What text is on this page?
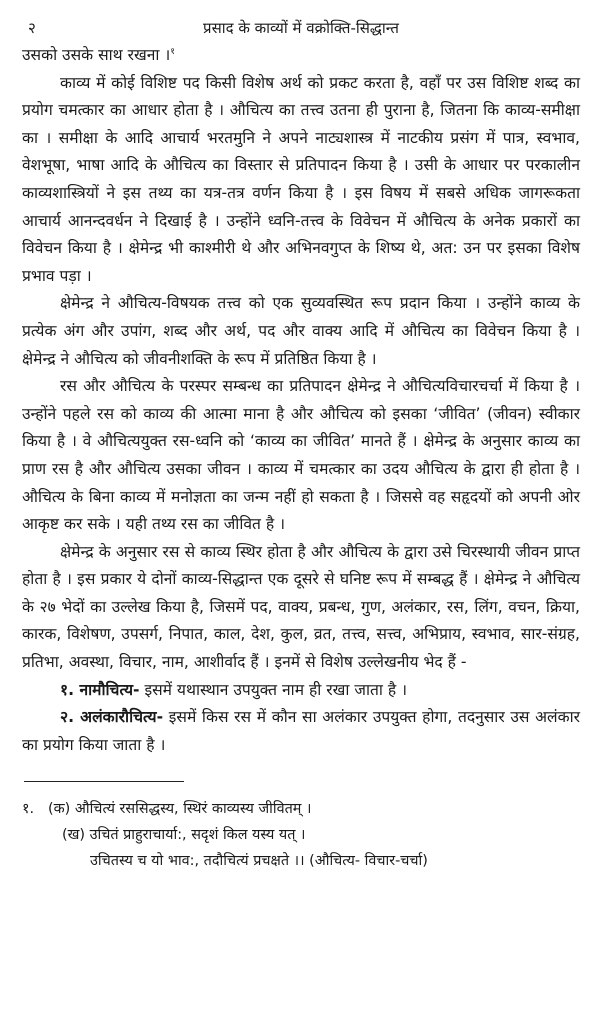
२	प्रसाद के काव्यों में वक्रोक्ति-सिद्धान्त

उसको उसके साथ रखना ।$^१$

काव्य में कोई विशिष्ट पद किसी विशेष अर्थ को प्रकट करता है, वहाँ पर उस विशिष्ट शब्द का प्रयोग चमत्कार का आधार होता है । औचित्य का तत्त्व उतना ही पुराना है, जितना कि काव्य-समीक्षा का । समीक्षा के आदि आचार्य भरतमुनि ने अपने नाट्यशास्त्र में नाटकीय प्रसंग में पात्र, स्वभाव, वेशभूषा, भाषा आदि के औचित्य का विस्तार से प्रतिपादन किया है । उसी के आधार पर परकालीन काव्यशास्त्रियों ने इस तथ्य का यत्र-तत्र वर्णन किया है । इस विषय में सबसे अधिक जागरूकता आचार्य आनन्दवर्धन ने दिखाई है । उन्होंने ध्वनि-तत्त्व के विवेचन में औचित्य के अनेक प्रकारों का विवेचन किया है । क्षेमेन्द्र भी काश्मीरी थे और अभिनवगुप्त के शिष्य थे, अत: उन पर इसका विशेष प्रभाव पड़ा ।

क्षेमेन्द्र ने औचित्य-विषयक तत्त्व को एक सुव्यवस्थित रूप प्रदान किया । उन्होंने काव्य के प्रत्येक अंग और उपांग, शब्द और अर्थ, पद और वाक्य आदि में औचित्य का विवेचन किया है । क्षेमेन्द्र ने औचित्य को जीवनीशक्ति के रूप में प्रतिष्ठित किया है ।

रस और औचित्य के परस्पर सम्बन्ध का प्रतिपादन क्षेमेन्द्र ने औचित्यविचारचर्चा में किया है । उन्होंने पहले रस को काव्य की आत्मा माना है और औचित्य को इसका ‘जीवित’ (जीवन) स्वीकार किया है । वे औचित्ययुक्त रस-ध्वनि को ‘काव्य का जीवित’ मानते हैं । क्षेमेन्द्र के अनुसार काव्य का प्राण रस है और औचित्य उसका जीवन । काव्य में चमत्कार का उदय औचित्य के द्वारा ही होता है । औचित्य के बिना काव्य में मनोज्ञता का जन्म नहीं हो सकता है । जिससे वह सहृदयों को अपनी ओर आकृष्ट कर सके । यही तथ्य रस का जीवित है ।

क्षेमेन्द्र के अनुसार रस से काव्य स्थिर होता है और औचित्य के द्वारा उसे चिरस्थायी जीवन प्राप्त होता है । इस प्रकार ये दोनों काव्य-सिद्धान्त एक दूसरे से घनिष्ट रूप में सम्बद्ध हैं । क्षेमेन्द्र ने औचित्य के २७ भेदों का उल्लेख किया है, जिसमें पद, वाक्य, प्रबन्ध, गुण, अलंकार, रस, लिंग, वचन, क्रिया, कारक, विशेषण, उपसर्ग, निपात, काल, देश, कुल, व्रत, तत्त्व, सत्त्व, अभिप्राय, स्वभाव, सार-संग्रह, प्रतिभा, अवस्था, विचार, नाम, आशीर्वाद हैं । इनमें से विशेष उल्लेखनीय भेद हैं -

१. नामौचित्य- इसमें यथास्थान उपयुक्त नाम ही रखा जाता है ।

२. अलंकारौचित्य- इसमें किस रस में कौन सा अलंकार उपयुक्त होगा, तदनुसार उस अलंकार का प्रयोग किया जाता है ।

१. (क) औचित्यं रससिद्धस्य, स्थिरं काव्यस्य जीवितम् ।
(ख) उचितं प्राहुराचार्या:, सदृशं किल यस्य यत् ।
उचितस्य च यो भाव:, तदौचित्यं प्रचक्षते ।। (औचित्य- विचार-चर्चा)
